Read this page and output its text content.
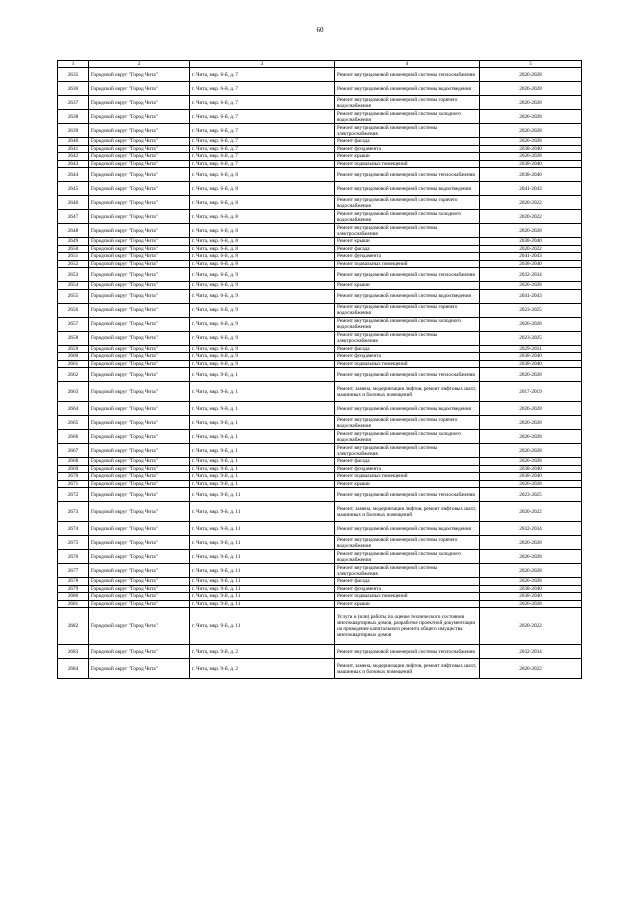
60
1	2	3	4	5
2635	Городской округ "Город Чита"	г. Чита, мкр. 6-й, д. 7	Ремонт внутридомовой инженерной системы теплоснабжения	2026-2028
2636	Городской округ "Город Чита"	г. Чита, мкр. 6-й, д. 7	Ремонт внутридомовой инженерной системы водоотведения	2026-2028
2637	Городской округ "Город Чита"	г. Чита, мкр. 6-й, д. 7	Ремонт внутридомовой инженерной системы горячего водоснабжения	2026-2028
2638	Городской округ "Город Чита"	г. Чита, мкр. 6-й, д. 7	Ремонт внутридомовой инженерной системы холодного водоснабжения	2026-2028
2639	Городской округ "Город Чита"	г. Чита, мкр. 6-й, д. 7	Ремонт внутридомовой инженерной системы электроснабжения	2026-2028
2640	Городской округ "Город Чита"	г. Чита, мкр. 6-й, д. 7	Ремонт фасада	2026-2028
2641	Городской округ "Город Чита"	г. Чита, мкр. 6-й, д. 7	Ремонт фундамента	2038-2040
2642	Городской округ "Город Чита"	г. Чита, мкр. 6-й, д. 7	Ремонт крыши	2026-2028
2643	Городской округ "Город Чита"	г. Чита, мкр. 6-й, д. 7	Ремонт подвальных помещений	2038-2040
2644	Городской округ "Город Чита"	г. Чита, мкр. 6-й, д. 8	Ремонт внутридомовой инженерной системы теплоснабжения	2038-2040
2645	Городской округ "Город Чита"	г. Чита, мкр. 6-й, д. 8	Ремонт внутридомовой инженерной системы водоотведения	2041-2043
2646	Городской округ "Город Чита"	г. Чита, мкр. 6-й, д. 8	Ремонт внутридомовой инженерной системы горячего водоснабжения	2020-2022
2647	Городской округ "Город Чита"	г. Чита, мкр. 6-й, д. 8	Ремонт внутридомовой инженерной системы холодного водоснабжения	2020-2022
2648	Городской округ "Город Чита"	г. Чита, мкр. 6-й, д. 8	Ремонт внутридомовой инженерной системы электроснабжения	2026-2028
2649	Городской округ "Город Чита"	г. Чита, мкр. 6-й, д. 8	Ремонт крыши	2038-2040
2650	Городской округ "Город Чита"	г. Чита, мкр. 6-й, д. 8	Ремонт фасада	2020-2022
2651	Городской округ "Город Чита"	г. Чита, мкр. 6-й, д. 8	Ремонт фундамента	2041-2043
2652	Городской округ "Город Чита"	г. Чита, мкр. 6-й, д. 8	Ремонт подвальных помещений	2038-2040
2653	Городской округ "Город Чита"	г. Чита, мкр. 6-й, д. 9	Ремонт внутридомовой инженерной системы теплоснабжения	2032-2034
2654	Городской округ "Город Чита"	г. Чита, мкр. 6-й, д. 9	Ремонт крыши	2026-2028
2655	Городской округ "Город Чита"	г. Чита, мкр. 6-й, д. 9	Ремонт внутридомовой инженерной системы водоотведения	2041-2043
2656	Городской округ "Город Чита"	г. Чита, мкр. 6-й, д. 9	Ремонт внутридомовой инженерной системы горячего водоснабжения	2023-2025
2657	Городской округ "Город Чита"	г. Чита, мкр. 6-й, д. 9	Ремонт внутридомовой инженерной системы холодного водоснабжения	2026-2028
2658	Городской округ "Город Чита"	г. Чита, мкр. 6-й, д. 9	Ремонт внутридомовой инженерной системы электроснабжения	2023-2025
2659	Городской округ "Город Чита"	г. Чита, мкр. 6-й, д. 9	Ремонт фасада	2029-2031
2660	Городской округ "Город Чита"	г. Чита, мкр. 6-й, д. 9	Ремонт фундамента	2038-2040
2661	Городской округ "Город Чита"	г. Чита, мкр. 6-й, д. 9	Ремонт подвальных помещений	2038-2040
2662	Городской округ "Город Чита"	г. Чита, мкр. 9-й, д. 1	Ремонт внутридомовой инженерной системы теплоснабжения	2026-2028
2663	Городской округ "Город Чита"	г. Чита, мкр. 9-й, д. 1	Ремонт, замена, модернизация лифтов, ремонт лифтовых шахт, машинных и блочных помещений	2017-2019
2664	Городской округ "Город Чита"	г. Чита, мкр. 9-й, д. 1	Ремонт внутридомовой инженерной системы водоотведения	2026-2028
2665	Городской округ "Город Чита"	г. Чита, мкр. 9-й, д. 1	Ремонт внутридомовой инженерной системы горячего водоснабжения	2026-2028
2666	Городской округ "Город Чита"	г. Чита, мкр. 9-й, д. 1	Ремонт внутридомовой инженерной системы холодного водоснабжения	2026-2028
2667	Городской округ "Город Чита"	г. Чита, мкр. 9-й, д. 1	Ремонт внутридомовой инженерной системы электроснабжения	2026-2028
2668	Городской округ "Город Чита"	г. Чита, мкр. 9-й, д. 1	Ремонт фасада	2026-2028
2669	Городской округ "Город Чита"	г. Чита, мкр. 9-й, д. 1	Ремонт фундамента	2038-2040
2670	Городской округ "Город Чита"	г. Чита, мкр. 9-й, д. 1	Ремонт подвальных помещений	2038-2040
2671	Городской округ "Город Чита"	г. Чита, мкр. 9-й, д. 1	Ремонт крыши	2026-2028
2672	Городской округ "Город Чита"	г. Чита, мкр. 9-й, д. 11	Ремонт внутридомовой инженерной системы теплоснабжения	2023-2025
2673	Городской округ "Город Чита"	г. Чита, мкр. 9-й, д. 11	Ремонт, замена, модернизация лифтов, ремонт лифтовых шахт, машинных и блочных помещений	2020-2022
2674	Городской округ "Город Чита"	г. Чита, мкр. 9-й, д. 11	Ремонт внутридомовой инженерной системы водоотведения	2032-2034
2675	Городской округ "Город Чита"	г. Чита, мкр. 9-й, д. 11	Ремонт внутридомовой инженерной системы горячего водоснабжения	2026-2028
2676	Городской округ "Город Чита"	г. Чита, мкр. 9-й, д. 11	Ремонт внутридомовой инженерной системы холодного водоснабжения	2026-2028
2677	Городской округ "Город Чита"	г. Чита, мкр. 9-й, д. 11	Ремонт внутридомовой инженерной системы электроснабжения	2026-2028
2678	Городской округ "Город Чита"	г. Чита, мкр. 9-й, д. 11	Ремонт фасада	2026-2028
2679	Городской округ "Город Чита"	г. Чита, мкр. 9-й, д. 11	Ремонт фундамента	2038-2040
2680	Городской округ "Город Чита"	г. Чита, мкр. 9-й, д. 11	Ремонт подвальных помещений	2038-2040
2681	Городской округ "Город Чита"	г. Чита, мкр. 9-й, д. 11	Ремонт крыши	2026-2028
2682	Городской округ "Город Чита"	г. Чита, мкр. 9-й, д. 11	Услуги и (или) работы по оценке технического состояния многоквартирных домов, разработке проектной документации на проведение капитального ремонта общего имущества многоквартирных домов	2020-2022
2683	Городской округ "Город Чита"	г. Чита, мкр. 9-й, д. 2	Ремонт внутридомовой инженерной системы теплоснабжения	2032-2034
2684	Городской округ "Город Чита"	г. Чита, мкр. 9-й, д. 2	Ремонт, замена, модернизация лифтов, ремонт лифтовых шахт, машинных и блочных помещений	2020-2022
